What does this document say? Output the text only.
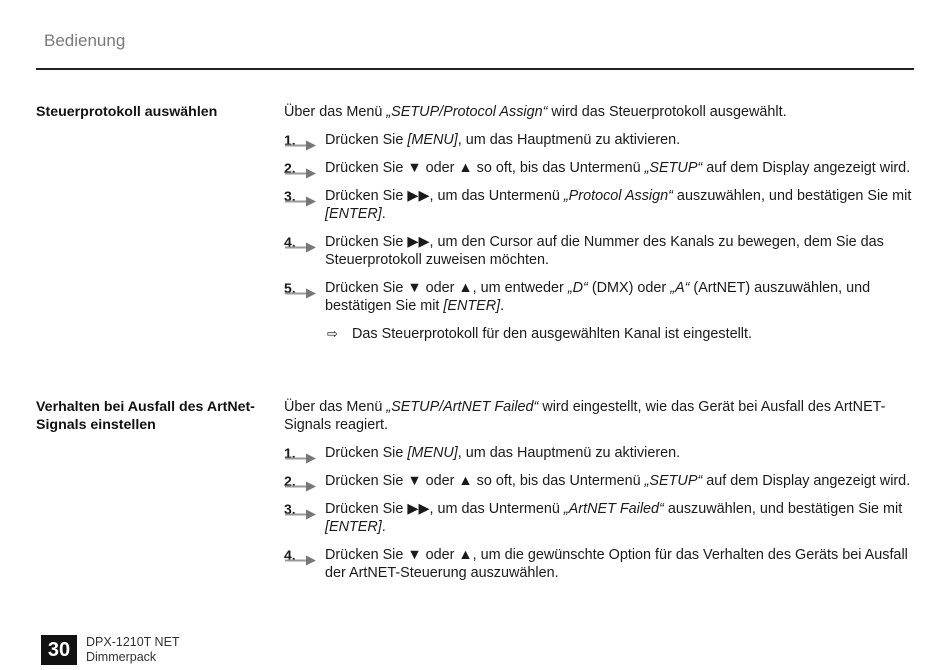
Bedienung
Steuerprotokoll auswählen	Über das Menü „SETUP/Protocol Assign“ wird das Steuerprotokoll ausgewählt.

1. Drücken Sie [MENU], um das Hauptmenü zu aktivieren.
2. Drücken Sie ▼ oder ▲ so oft, bis das Untermenü „SETUP“ auf dem Display angezeigt wird.
3. Drücken Sie ▶▶, um das Untermenü „Protocol Assign“ auszuwählen, und bestätigen Sie mit [ENTER].
4. Drücken Sie ▶▶, um den Cursor auf die Nummer des Kanals zu bewegen, dem Sie das Steuerprotokoll zuweisen möchten.
5. Drücken Sie ▼ oder ▲, um entweder „D“ (DMX) oder „A“ (ArtNET) auszuwählen, und bestätigen Sie mit [ENTER].
⇨ Das Steuerprotokoll für den ausgewählten Kanal ist eingestellt.
Verhalten bei Ausfall des ArtNet-Signals einstellen

Über das Menü „SETUP/ArtNET Failed“ wird eingestellt, wie das Gerät bei Ausfall des ArtNET-Signals reagiert.

1. Drücken Sie [MENU], um das Hauptmenü zu aktivieren.
2. Drücken Sie ▼ oder ▲ so oft, bis das Untermenü „SETUP“ auf dem Display angezeigt wird.
3. Drücken Sie ▶▶, um das Untermenü „ArtNET Failed“ auszuwählen, und bestätigen Sie mit [ENTER].
4. Drücken Sie ▼ oder ▲, um die gewünschte Option für das Verhalten des Geräts bei Ausfall der ArtNET-Steuerung auszuwählen.
30	DPX-1210T NET
Dimmerpack
